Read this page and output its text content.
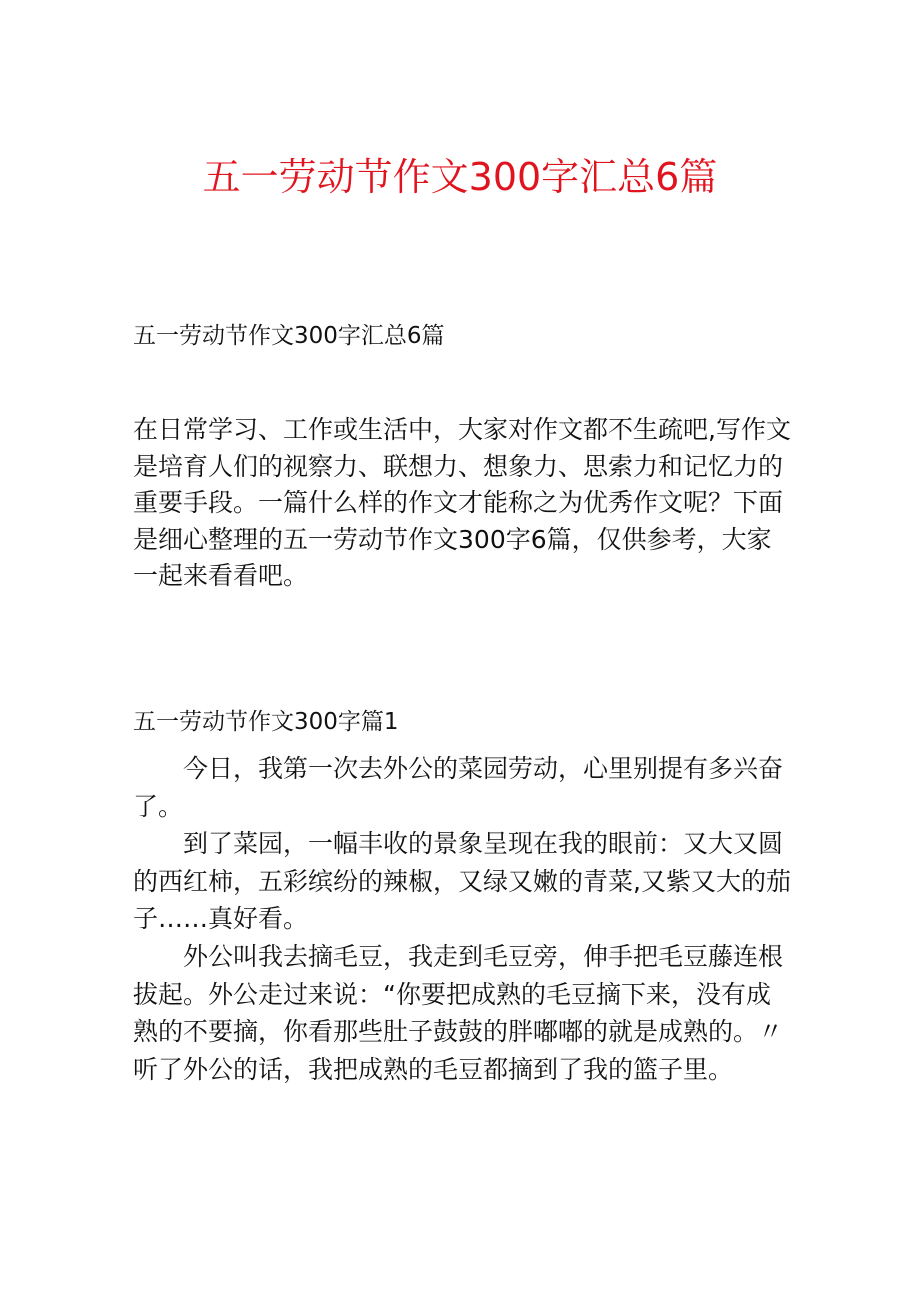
五一劳动节作文300字汇总6篇
五一劳动节作文300字汇总6篇
在日常学习、工作或生活中，大家对作文都不生疏吧,写作文是培育人们的视察力、联想力、想象力、思索力和记忆力的重要手段。一篇什么样的作文才能称之为优秀作文呢？下面是细心整理的五一劳动节作文300字6篇，仅供参考，大家一起来看看吧。
五一劳动节作文300字篇1

今日，我第一次去外公的菜园劳动，心里别提有多兴奋了。

到了菜园，一幅丰收的景象呈现在我的眼前：又大又圆的西红柿，五彩缤纷的辣椒，又绿又嫩的青菜,又紫又大的茄子……真好看。

外公叫我去摘毛豆，我走到毛豆旁，伸手把毛豆藤连根拔起。外公走过来说：“你要把成熟的毛豆摘下来，没有成熟的不要摘，你看那些肚子鼓鼓的胖嘟嘟的就是成熟的。〃听了外公的话，我把成熟的毛豆都摘到了我的篮子里。
